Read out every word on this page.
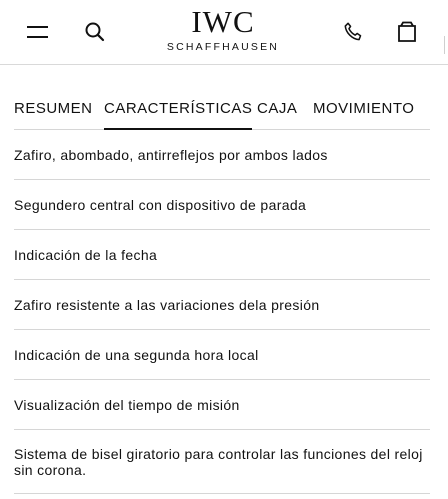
IWC
SCHAFFHAUSEN
RESUMEN CARACTERÍSTICAS CAJA MOVIMIENTO
Zafiro, abombado, antirreflejos por ambos lados
Segundero central con dispositivo de parada
Indicación de la fecha
Zafiro resistente a las variaciones dela presión
Indicación de una segunda hora local
Visualización del tiempo de misión
Sistema de bisel giratorio para controlar las funciones del reloj sin corona.
